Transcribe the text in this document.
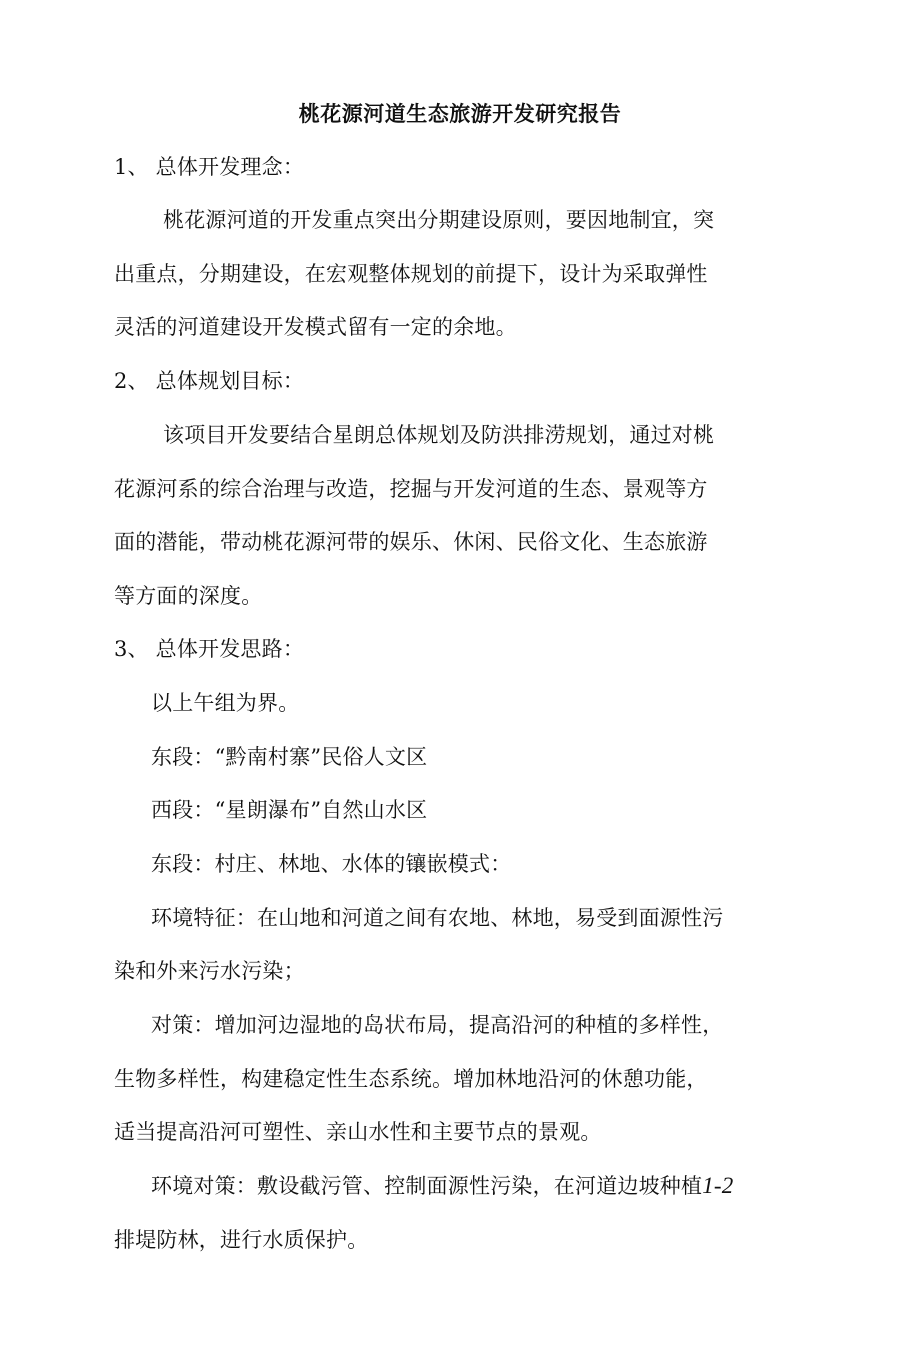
桃花源河道生态旅游开发研究报告
1、 总体开发理念：
桃花源河道的开发重点突出分期建设原则，要因地制宜，突
出重点，分期建设，在宏观整体规划的前提下，设计为采取弹性
灵活的河道建设开发模式留有一定的余地。
2、 总体规划目标：
该项目开发要结合星朗总体规划及防洪排涝规划，通过对桃
花源河系的综合治理与改造，挖掘与开发河道的生态、景观等方
面的潜能，带动桃花源河带的娱乐、休闲、民俗文化、生态旅游
等方面的深度。
3、 总体开发思路：
以上午组为界。
东段：“黔南村寨”民俗人文区
西段：“星朗瀑布”自然山水区
东段：村庄、林地、水体的镶嵌模式：
环境特征：在山地和河道之间有农地、林地，易受到面源性污
染和外来污水污染；
对策：增加河边湿地的岛状布局，提高沿河的种植的多样性，
生物多样性，构建稳定性生态系统。增加林地沿河的休憩功能，
适当提高沿河可塑性、亲山水性和主要节点的景观。
环境对策：敷设截污管、控制面源性污染，在河道边坡种植1-2
排堤防林，进行水质保护。
